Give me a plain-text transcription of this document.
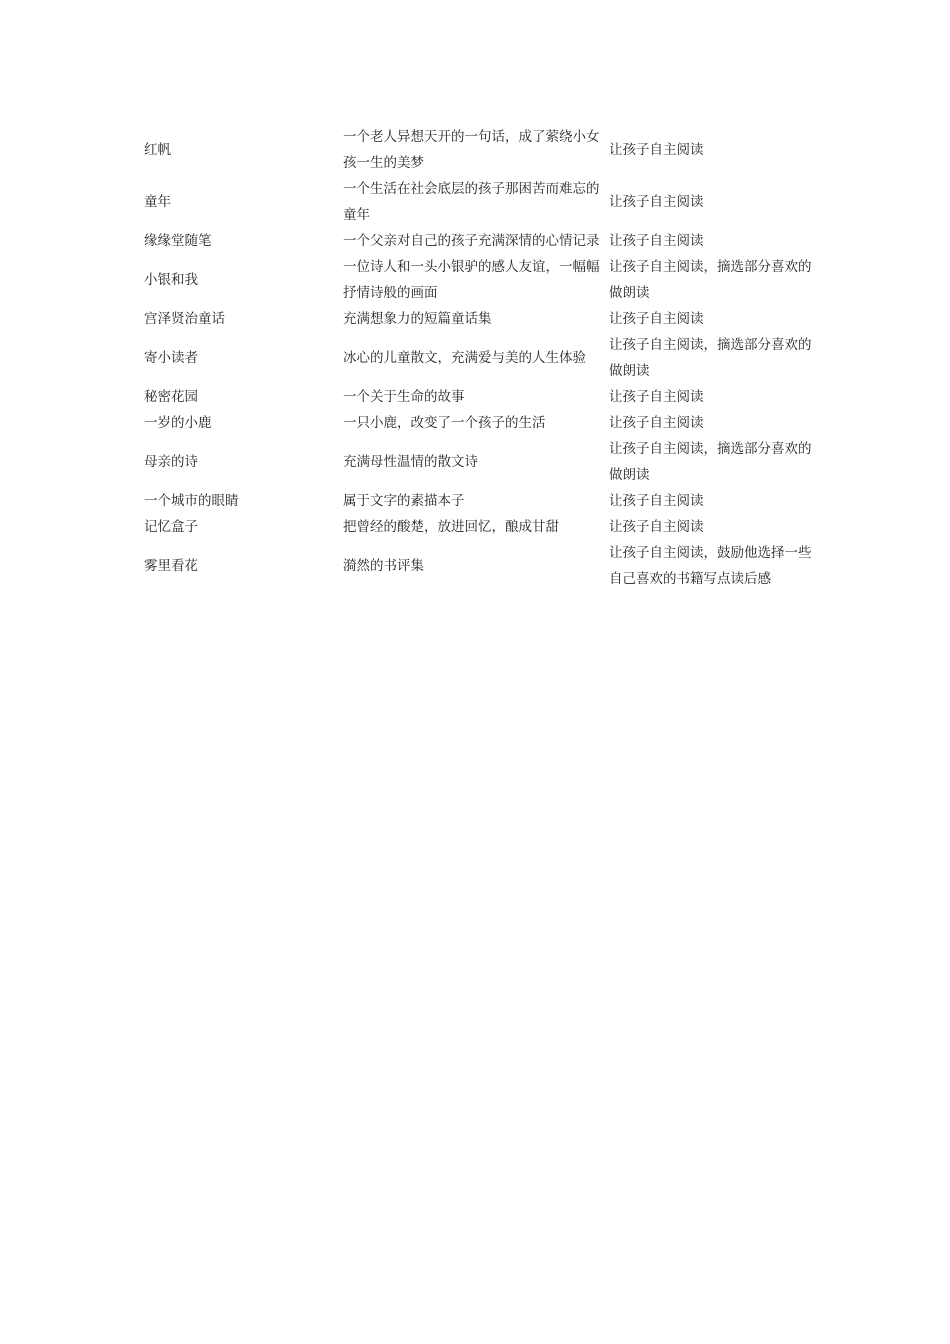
红帆	一个老人异想天开的一句话，成了萦绕小女孩一生的美梦	让孩子自主阅读
童年	一个生活在社会底层的孩子那困苦而难忘的童年	让孩子自主阅读
缘缘堂随笔	一个父亲对自己的孩子充满深情的心情记录	让孩子自主阅读
小银和我	一位诗人和一头小银驴的感人友谊，一幅幅抒情诗般的画面	让孩子自主阅读，摘选部分喜欢的做朗读
宫泽贤治童话	充满想象力的短篇童话集	让孩子自主阅读
寄小读者	冰心的儿童散文，充满爱与美的人生体验	让孩子自主阅读，摘选部分喜欢的做朗读
秘密花园	一个关于生命的故事	让孩子自主阅读
一岁的小鹿	一只小鹿，改变了一个孩子的生活	让孩子自主阅读
母亲的诗	充满母性温情的散文诗	让孩子自主阅读，摘选部分喜欢的做朗读
一个城市的眼睛	属于文字的素描本子	让孩子自主阅读
记忆盒子	把曾经的酸楚，放进回忆，酿成甘甜	让孩子自主阅读
雾里看花	漪然的书评集	让孩子自主阅读，鼓励他选择一些自己喜欢的书籍写点读后感
